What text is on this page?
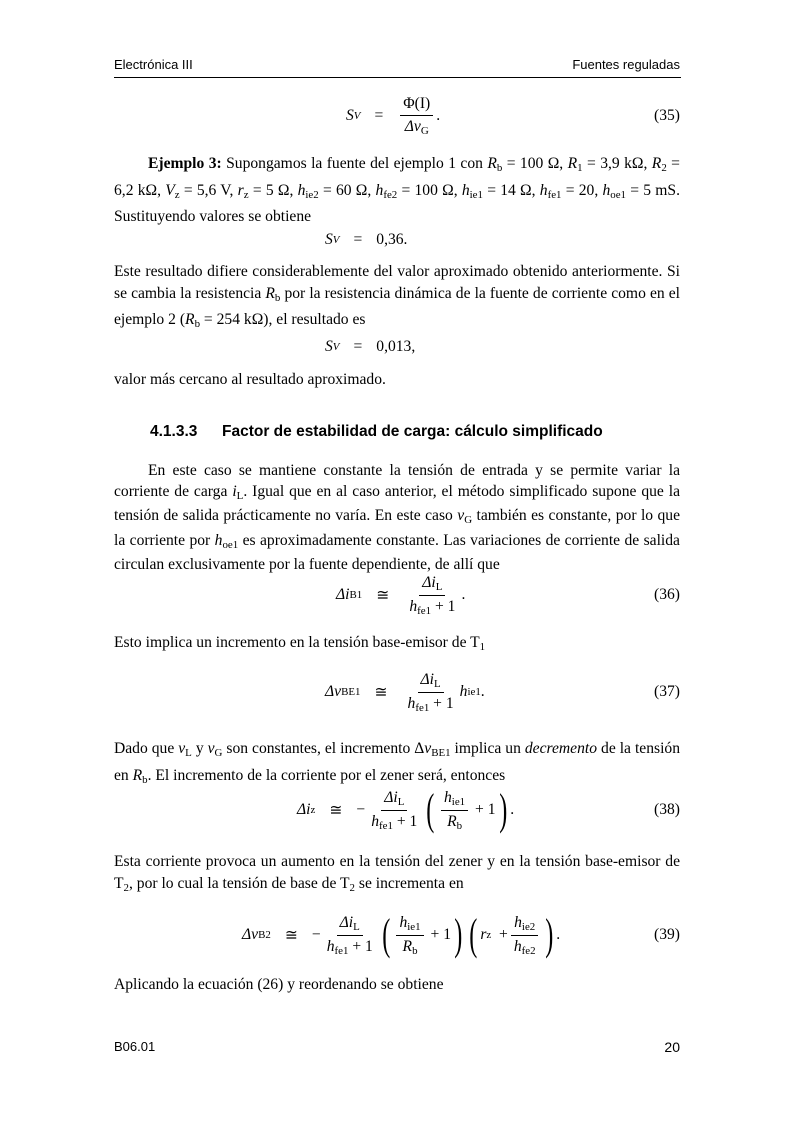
Electrónica III	Fuentes reguladas
S $V = \frac{\Phi(I)}{\Delta v_G}$ .	(35)
Ejemplo 3: Supongamos la fuente del ejemplo 1 con $R_b = 100$ Ω, $R_1 = 3,9$ kΩ, $R_2 = 6,2$ kΩ, $V_z = 5,6$ V, $r_z = 5$ Ω, $h_{ie2} = 60$ Ω, $h_{fe2} = 100$ Ω, $h_{ie1} = 14$ Ω, $h_{fe1} = 20$, $h_{oe1} = 5$ mS. Sustituyendo valores se obtiene
S V = 0,36.
Este resultado difiere considerablemente del valor aproximado obtenido anteriormente. Si se cambia la resistencia $R_b$ por la resistencia dinámica de la fuente de corriente como en el ejemplo 2 ($R_b = 254$ kΩ), el resultado es
S V = 0,013,
valor más cercano al resultado aproximado.
4.1.3.3 Factor de estabilidad de carga: cálculo simplificado
En este caso se mantiene constante la tensión de entrada y se permite variar la corriente de carga $i_L$. Igual que en al caso anterior, el método simplificado supone que la tensión de salida prácticamente no varía. En este caso $v_G$ también es constante, por lo que la corriente por $h_{oe1}$ es aproximadamente constante. Las variaciones de corriente de salida circulan exclusivamente por la fuente dependiente, de allí que
Δi B1 ≅ $\frac{\Delta i_L}{h_{fe1} + 1}$ .	(36)
Esto implica un incremento en la tensión base-emisor de $T_1$
Δv BE1 ≅ $\frac{\Delta i_L}{h_{fe1} + 1}$ h ie1 .	(37)
Dado que $v_L$ y $v_G$ son constantes, el incremento $\Delta v_{BE1}$ implica un decremento de la tensión en $R_b$. El incremento de la corriente por el zener será, entonces
Δi z ≅ − $\frac{\Delta i_L}{h_{fe1} + 1}$ ( $\frac{h_{ie1}}{R_b}$
+
1 ) .	(38)
Esta corriente provoca un aumento en la tensión del zener y en la tensión base-emisor de $T_2$, por lo cual la tensión de base de $T_2$ se incrementa en
Δv B2 ≅ − $\frac{\Delta i_L}{h_{fe1} + 1}$ ( $\frac{h_{ie1}}{R_b}$
+
1 ) ( r z
+ $\frac{h_{ie2}}{h_{fe2}}$ ) .	(39)
Aplicando la ecuación (26) y reordenando se obtiene
B06.01	20
